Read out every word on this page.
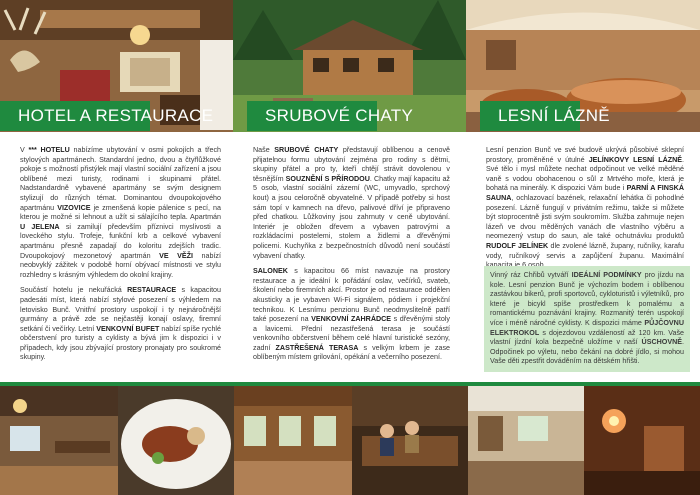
HOTEL A RESTAURACE

V *** HOTELU nabízíme ubytování v osmi pokojích a třech stylových apartmánech. Standardní jedno, dvou a čtyřlůžkové pokoje s možností přistýlek mají vlastní sociální zařízení a jsou oblíbené mezi turisty, rodinami i skupinami přátel. Nadstandardně vybavené apartmány se svým designem stylizují do různých témat. Dominantou dvoupokojového apartmánu VIZOVICE je zmenšená kopie pálenice s pecí, na kterou je možné si lehnout a užít si sálajícího tepla. Apartmán U JELENA si zamilují především příznivci myslivosti a loveckého stylu. Trofeje, funkční krb a celkové vybavení apartmánu přesně zapadají do koloritu zdejších tradic. Dvoupokojový mezonetový apartmán VE VĚŽI nabízí neobvyklý zážitek v podobě horní obývací místnosti ve stylu rozhledny s krásným výhledem do okolní krajiny.

Součástí hotelu je nekuřácká RESTAURACE s kapacitou padesáti míst, která nabízí stylové posezení s výhledem na letovisko Bunč. Vnitřní prostory uspokojí i ty nejnáročnější gurmány a právě zde se nejčastěji konají oslavy, firemní setkání či večírky. Letní VENKOVNÍ BUFET nabízí spíše rychlé občerstvení pro turisty a cyklisty a bývá jim k dispozici i v případech, kdy jsou zbývající prostory pronajaty pro soukromé skupiny.

SRUBOVÉ CHATY

Naše SRUBOVÉ CHATY představují oblíbenou a cenově přijatelnou formu ubytování zejména pro rodiny s dětmi, skupiny přátel a pro ty, kteří chtějí strávit dovolenou v těsnějším SOUZNĚNÍ S PŘÍRODOU. Chatky mají kapacitu až 5 osob, vlastní sociální zázemí (WC, umyvadlo, sprchový kout) a jsou celoročně obyvatelné. V případě potřeby si host sám topí v kamnech na dřevo, palivové dříví je připraveno před chatkou. Lůžkoviny jsou zahrnuty v ceně ubytování. Interiér je obložen dřevem a vybaven patrovými a rozkládacími postelemi, stolem a židlemi a dřevěnými policemi. Kuchyňka z bezpečnostních důvodů není součástí vybavení chatky.

SALONEK s kapacitou 66 míst navazuje na prostory restaurace a je ideální k pořádání oslav, večírků, svateb, školení nebo firemních akcí. Prostor je od restaurace oddělen akusticky a je vybaven Wi-Fi signálem, pódiem i projekční technikou. K Lesnímu penzionu Bunč neodmyslitelně patří také posezení na VENKOVNÍ ZAHRÁDCE s dřevěnými stoly a lavicemi. Přední nezastřešená terasa je součástí venkovního občerstvení během celé hlavní turistické sezóny, zadní ZASTŘEŠENÁ TERASA s velkým krbem je zase oblíbeným místem grilování, opékání a večerního posezení.

LESNÍ LÁZNĚ

Lesní penzion Bunč ve své budově ukrývá působivé sklepní prostory, proměněné v útulné JELÍNKOVY LESNÍ LÁZNĚ. Své tělo i mysl můžete nechat odpočinout ve velké měděné vaně s vodou obohacenou o sůl z Mrtvého moře, která je bohatá na minerály. K dispozici Vám bude i PARNÍ A FINSKÁ SAUNA, ochlazovací bazének, relaxační lehátka či pohodlné posezení. Lázně fungují v privátním režimu, takže si můžete být stoprocentně jisti svým soukromím. Služba zahrnuje nejen lázeň ve dvou měděných vanách dle vlastního výběru a neomezený vstup do saun, ale také ochutnávku produktů RUDOLF JELÍNEK dle zvolené lázně, župany, ručníky, karafu vody, ručníkový servis a zapůjčení županu. Maximální

Vinný ráz Chřibů vytváří IDEÁLNÍ PODMÍNKY pro jízdu na kole. Lesní penzion Bunč je výchozím bodem i oblíbenou zastávkou bikerů, profi sportovců, cykloturistů i výletníků, pro které je bicykl spíše prostředkem k pomalému a romantickému poznávání krajiny. Rozmanitý terén uspokojí více i méně náročné cyklisty. K dispozici máme PŮJČOVNU ELEKTROKOL s dojezdovou vzdáleností až 120 km. Vaše vlastní jízdní kola bezpečně uložíme v naší ÚSCHOVNĚ. Odpočinek po výletu, nebo čekání na dobré jídlo, si mohou Vaše děti zpestřit dováděním na dětském hřišti.
